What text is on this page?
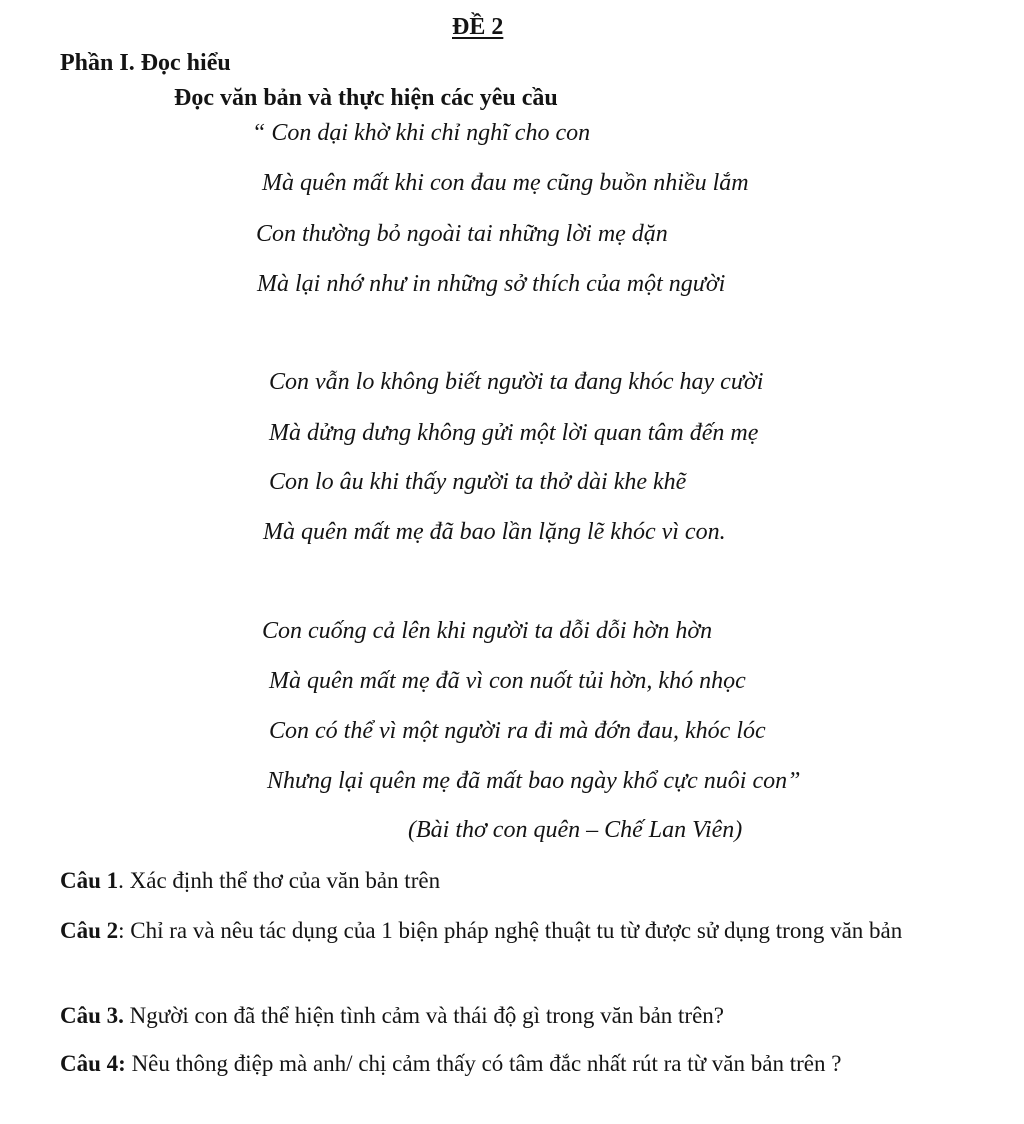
ĐỀ 2
Phần I. Đọc hiểu
Đọc văn bản và thực hiện các yêu cầu
“ Con dại khờ khi chỉ nghĩ cho con
Mà quên mất khi con đau mẹ cũng buồn nhiều lắm
Con thường bỏ ngoài tai những lời mẹ dặn
Mà lại nhớ như in những sở thích của một người
Con vẫn lo không biết người ta đang khóc hay cười
Mà dửng dưng không gửi một lời quan tâm đến mẹ
Con lo âu khi thấy người ta thở dài khe khẽ
Mà quên mất mẹ đã bao lần lặng lẽ khóc vì con.
Con cuống cả lên khi người ta dỗi dỗi hờn hờn
Mà quên mất mẹ đã vì con nuốt tủi hờn, khó nhọc
Con có thể vì một người ra đi mà đớn đau, khóc lóc
Nhưng lại quên mẹ đã mất bao ngày khổ cực nuôi con”
(Bài thơ con quên – Chế Lan Viên)
Câu 1. Xác định thể thơ của văn bản trên
Câu 2: Chỉ ra và nêu tác dụng của 1 biện pháp nghệ thuật tu từ được sử dụng trong văn bản
Câu 3. Người con đã thể hiện tình cảm và thái độ gì trong văn bản trên?
Câu 4: Nêu thông điệp mà anh/ chị cảm thấy có tâm đắc nhất rút ra từ văn bản trên ?
